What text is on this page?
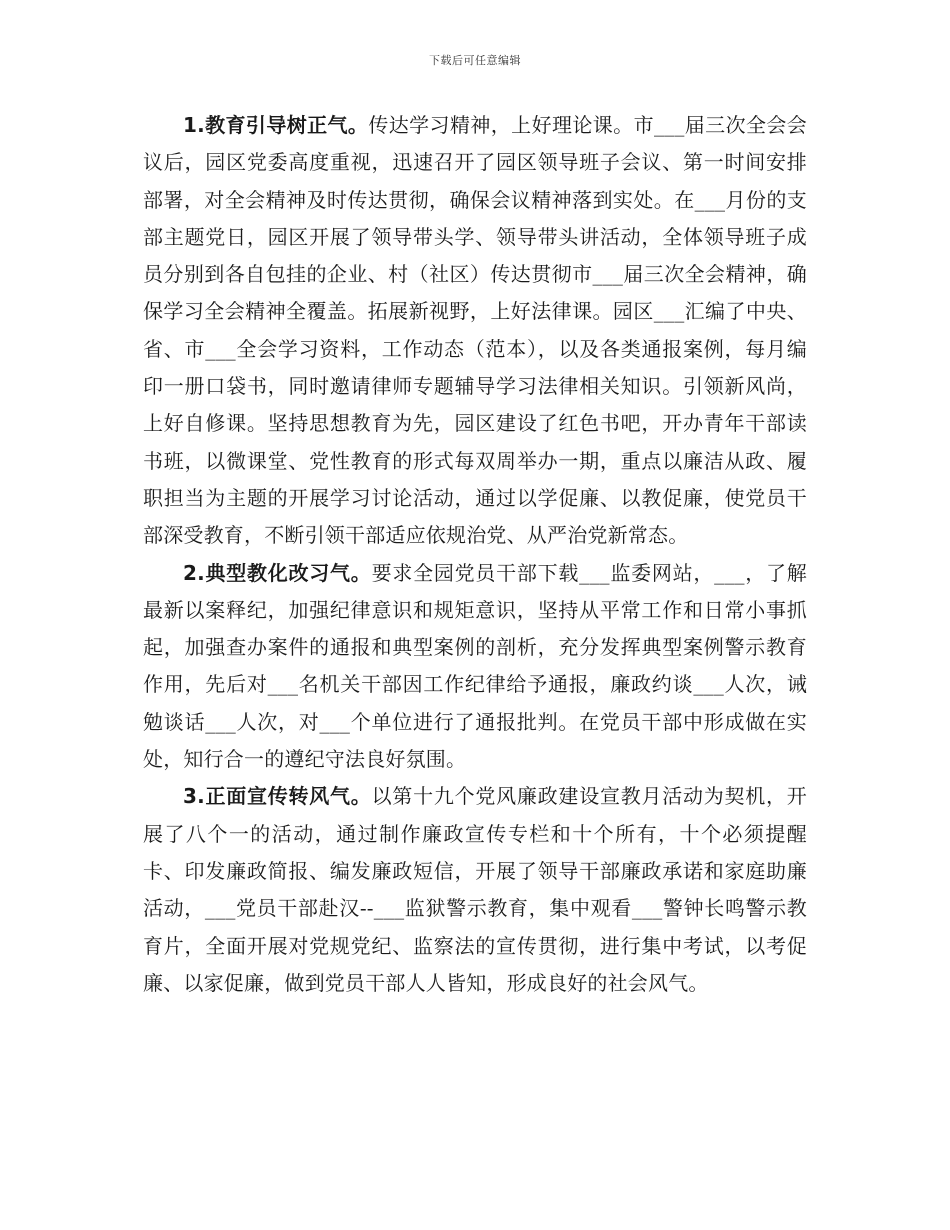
下载后可任意编辑

1.教育引导树正气。传达学习精神，上好理论课。市___届三次全会会议后，园区党委高度重视，迅速召开了园区领导班子会议、第一时间安排部署，对全会精神及时传达贯彻，确保会议精神落到实处。在___月份的支部主题党日，园区开展了领导带头学、领导带头讲活动，全体领导班子成员分别到各自包挂的企业、村（社区）传达贯彻市___届三次全会精神，确保学习全会精神全覆盖。拓展新视野，上好法律课。园区___汇编了中央、省、市___全会学习资料，工作动态（范本），以及各类通报案例，每月编印一册口袋书，同时邀请律师专题辅导学习法律相关知识。引领新风尚，上好自修课。坚持思想教育为先，园区建设了红色书吧，开办青年干部读书班，以微课堂、党性教育的形式每双周举办一期，重点以廉洁从政、履职担当为主题的开展学习讨论活动，通过以学促廉、以教促廉，使党员干部深受教育，不断引领干部适应依规治党、从严治党新常态。

2.典型教化改习气。要求全园党员干部下载___监委网站，___，了解最新以案释纪，加强纪律意识和规矩意识，坚持从平常工作和日常小事抓起，加强查办案件的通报和典型案例的剖析，充分发挥典型案例警示教育作用，先后对___名机关干部因工作纪律给予通报，廉政约谈___人次，诫勉谈话___人次，对___个单位进行了通报批判。在党员干部中形成做在实处，知行合一的遵纪守法良好氛围。

3.正面宣传转风气。以第十九个党风廉政建设宣教月活动为契机，开展了八个一的活动，通过制作廉政宣传专栏和十个所有，十个必须提醒卡、印发廉政简报、编发廉政短信，开展了领导干部廉政承诺和家庭助廉活动，___党员干部赴汉--___监狱警示教育，集中观看___警钟长鸣警示教育片，全面开展对党规党纪、监察法的宣传贯彻，进行集中考试，以考促廉、以家促廉，做到党员干部人人皆知，形成良好的社会风气。
